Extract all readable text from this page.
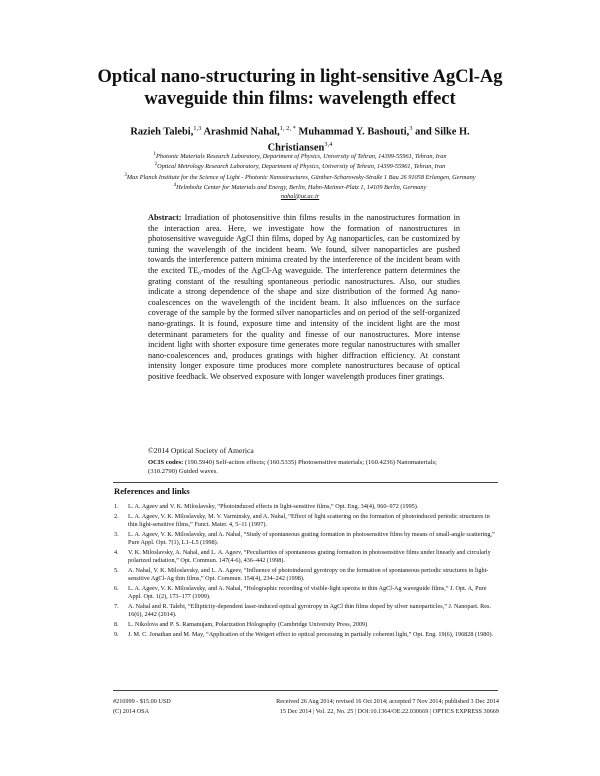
Optical nano-structuring in light-sensitive AgCl-Ag waveguide thin films: wavelength effect
Razieh Talebi,$^{1,3}$ Arashmid Nahal,$^{1, 2, *}$ Muhammad Y. Bashouti,$^3$ and Silke H. Christiansen$^{3,4}$
$^1$Photonic Materials Research Laboratory, Department of Physics, University of Tehran, 14399-55961, Tehran, Iran
$^2$Optical Metrology Research Laboratory, Department of Physics, University of Tehran, 14399-55961, Tehran, Iran
$^3$Max Planck Institute for the Science of Light - Photonic Nanostructures, Günther-Scharowsky-Straße 1 Bau 26 91058 Erlangen, Germany
$^4$Helmholtz Center for Materials and Energy, Berlin, Hahn-Meitner-Platz 1, 14109 Berlin, Germany
nahal@ut.ac.ir
Abstract: Irradiation of photosensitive thin films results in the nanostructures formation in the interaction area. Here, we investigate how the formation of nanostructures in photosensitive waveguide AgCl thin films, doped by Ag nanoparticles, can be customized by tuning the wavelength of the incident beam. We found, silver nanoparticles are pushed towards the interference pattern minima created by the interference of the incident beam with the excited TE₀-modes of the AgCl-Ag waveguide. The interference pattern determines the grating constant of the resulting spontaneous periodic nanostructures. Also, our studies indicate a strong dependence of the shape and size distribution of the formed Ag nano-coalescences on the wavelength of the incident beam. It also influences on the surface coverage of the sample by the formed silver nanoparticles and on period of the self-organized nano-gratings. It is found, exposure time and intensity of the incident light are the most determinant parameters for the quality and finesse of our nanostructures. More intense incident light with shorter exposure time generates more regular nanostructures with smaller nano-coalescences and, produces gratings with higher diffraction efficiency. At constant intensity longer exposure time produces more complete nanostructures because of optical positive feedback. We observed exposure with longer wavelength produces finer gratings.
©2014 Optical Society of America
OCIS codes: (190.5940) Self-action effects; (160.5335) Photosensitive materials; (160.4236) Nanomaterials; (310.2790) Guided waves.
References and links
1.	L. A. Ageev and V. K. Miloslavsky, “Photoinduced effects in light-sensitive films,” Opt. Eng. 34(4), 960–972 (1995).
2.	L. A. Ageev, V. K. Miloslavsky, M. V. Varminsky, and A. Nahal, “Effect of light scattering on the formation of photoinduced periodic structures in thin light-sensitive films,” Funct. Mater. 4, 5–11 (1997).
3.	L. A. Ageev, V. K. Miloslavsky, and A. Nahal, “Study of spontaneous grating formation in photosensitive films by means of small-angle scattering,” Pure Appl. Opt. 7(1), L1–L5 (1998).
4.	V. K. Miloslavsky, A. Nahal, and L. A. Ageev, “Peculiarities of spontaneous grating formation in photosensitive films under linearly and circularly polarized radiation,” Opt. Commun. 147(4-6), 436–442 (1998).
5.	A. Nahal, V. K. Miloslavsky, and L. A. Ageev, “Influence of photoinduced gyrotropy on the formation of spontaneous periodic structures in light-sensitive AgCl-Ag thin films,” Opt. Commun. 154(4), 234–242 (1998).
6.	L. A. Ageev, V. K. Miloslavsky, and A. Nahal, “Holographic recording of visible-light spectra in thin AgCl-Ag waveguide films,” J. Opt. A, Pure Appl. Opt. 1(2), 173–177 (1999).
7.	A. Nahal and R. Talebi, “Ellipticity-dependent laser-induced optical gyrotropy in AgCl thin films doped by silver nanoparticles,” J. Nanopart. Res. 16(6), 2442 (2014).
8.	L. Nikolova and P. S. Ramanujam, Polarization Holography (Cambridge University Press, 2009)
9.	J. M. C. Jonathan and M. May, “Application of the Weigert effect to optical processing in partially coherent light,” Opt. Eng. 19(6), 196828 (1980).
#216999 - $15.00 USD
(C) 2014 OSA
Received 26 Aug 2014; revised 16 Oct 2014; accepted 7 Nov 2014; published 3 Dec 2014
15 Dec 2014 | Vol. 22, No. 25 | DOI:10.1364/OE.22.030669 | OPTICS EXPRESS 30669
